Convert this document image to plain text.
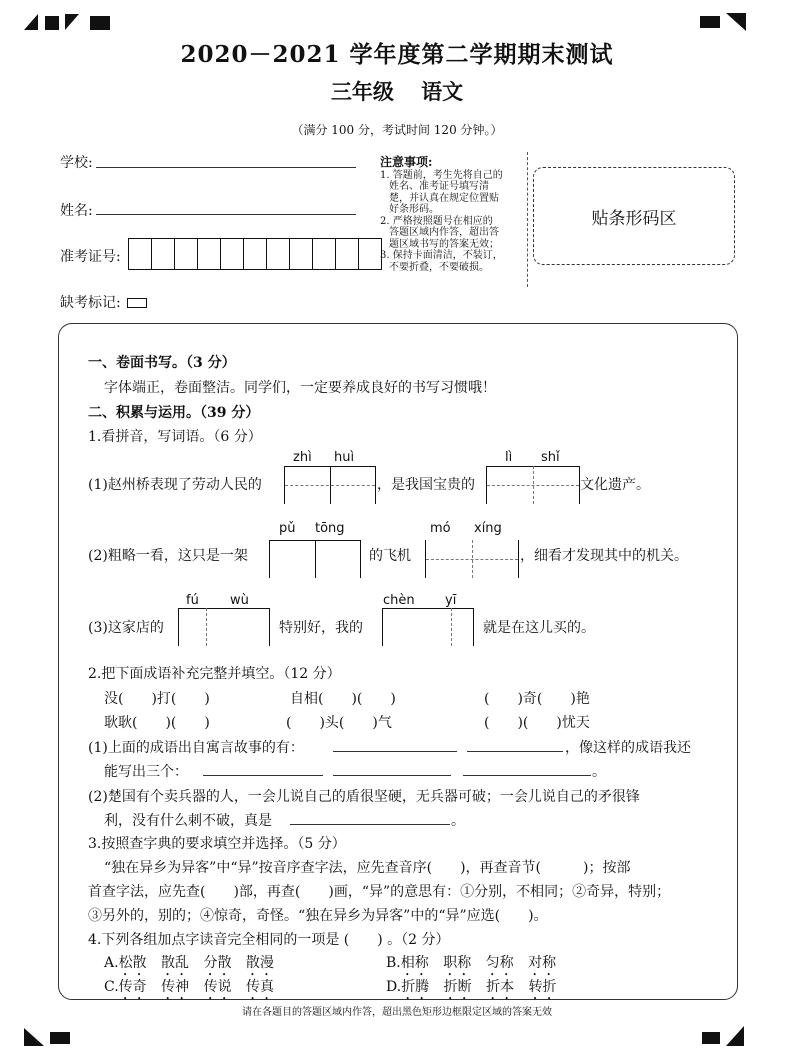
2020－2021 学年度第二学期期末测试
三年级 语文
（满分 100 分，考试时间 120 分钟。）
学校:
姓名:
准考证号:
缺考标记:
注意事项:
1. 答题前，考生先将自己的
姓名、准考证号填写清
楚，并认真在规定位置贴
好条形码。
2. 严格按照题号在相应的
答题区域内作答，超出答
题区域书写的答案无效；
3. 保持卡面清洁，不装订，
不要折叠，不要破损。
贴条形码区
一、卷面书写。（3 分）
字体端正，卷面整洁。同学们，一定要养成良好的书写习惯哦！
二、积累与运用。（39 分）
1.看拼音，写词语。（6 分）
zhì huì
(1)赵州桥表现了劳动人民的	，是我国宝贵的
lì shǐ
文化遗产。
pǔ tōng
(2)粗略一看，这只是一架	的飞机
mó xíng
，细看才发现其中的机关。
fú wù
(3)这家店的	特别好，我的
chèn yī
就是在这儿买的。
2.把下面成语补充完整并填空。（12 分）
没(　　)打(　　)	自相(　　)(　　)	(　　)奇(　　)艳
耿耿(　　)(　　)	(　　)头(　　)气	(　　)(　　)忧天
(1)上面的成语出自寓言故事的有：	，像这样的成语我还
能写出三个：	。
(2)楚国有个卖兵器的人，一会儿说自己的盾很坚硬，无兵器可破；一会儿说自己的矛很锋
利，没有什么刺不破，真是	。
3.按照查字典的要求填空并选择。（5 分）
“独在异乡为异客”中“异”按音序查字法，应先查音序(　　)，再查音节(　　　)；按部
首查字法，应先查(　　)部，再查(　　)画，“异”的意思有：①分别，不相同；②奇异，特别；
③另外的，别的；④惊奇，奇怪。“独在异乡为异客”中的“异”应选(　　)。
4.下列各组加点字读音完全相同的一项是 (　　) 。（2 分）
A.松散 散乱 分散 散漫	B.相称 职称 匀称 对称
C.传奇 传神 传说 传真	D.折腾 折断 折本 转折
请在各题目的答题区域内作答，超出黑色矩形边框限定区域的答案无效
